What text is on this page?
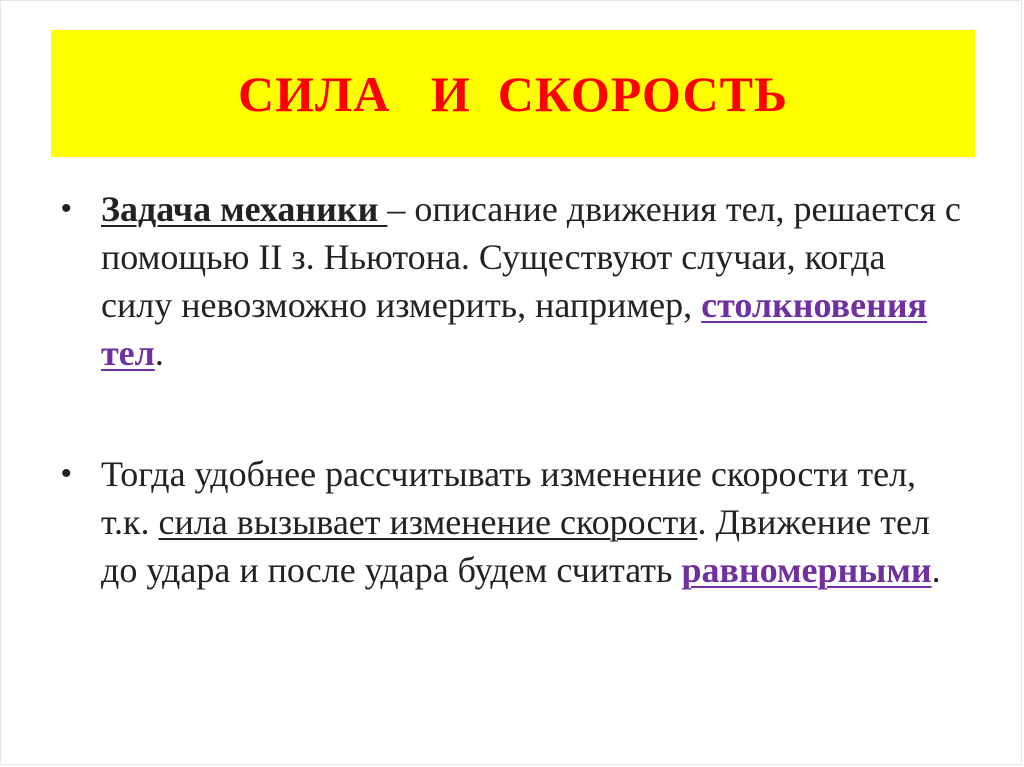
СИЛА   И  СКОРОСТЬ
• Задача механики – описание движения тел, решается с помощью II з. Ньютона. Существуют случаи, когда силу невозможно измерить, например, столкновения тел.
• Тогда удобнее рассчитывать изменение скорости тел, т.к. сила вызывает изменение скорости. Движение тел до удара и после удара будем считать равномерными.
